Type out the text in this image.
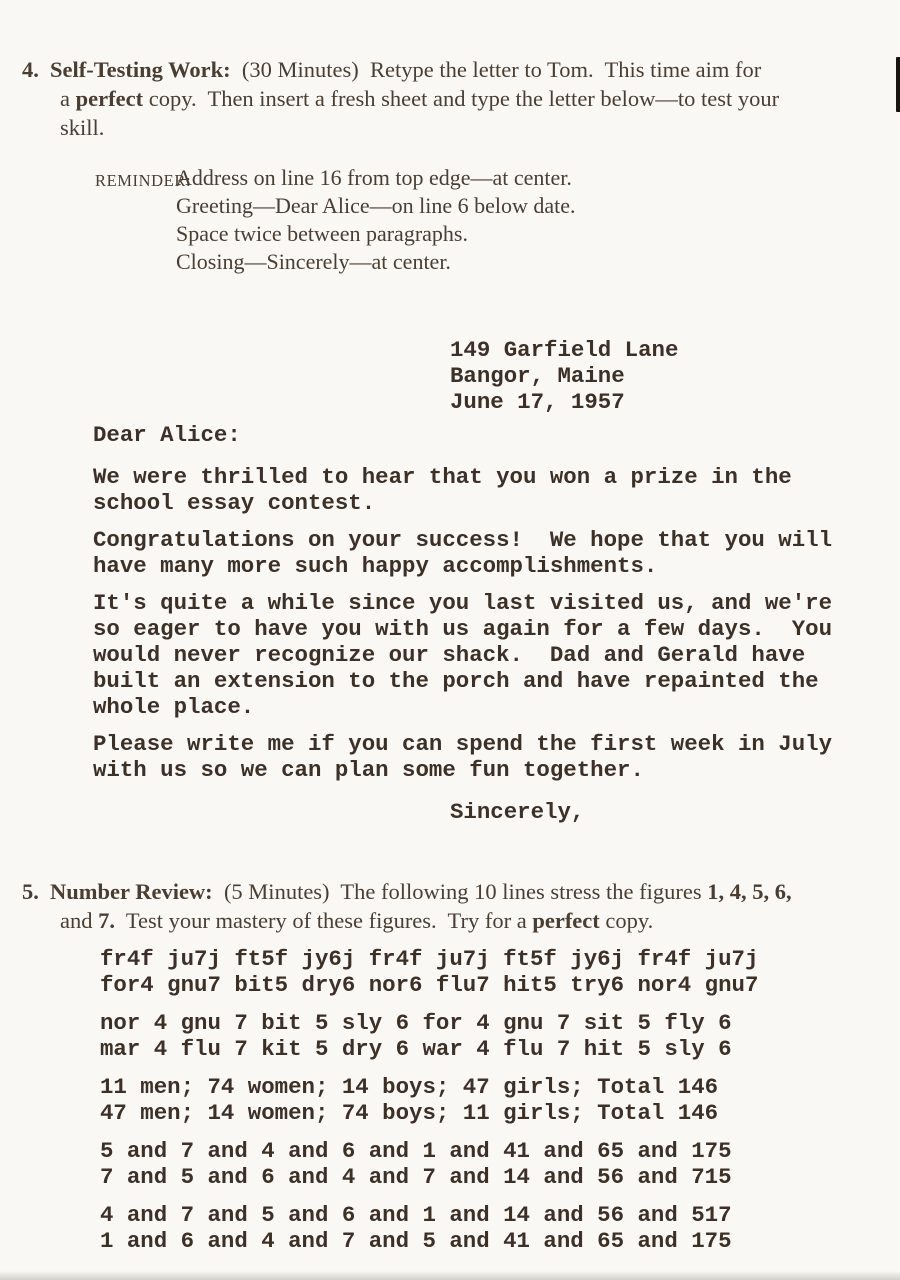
4. Self-Testing Work:  (30 Minutes)  Retype the letter to Tom.  This time aim for
a perfect copy.  Then insert a fresh sheet and type the letter below—to test your
skill.
REMINDER:
Address on line 16 from top edge—at center.
Greeting—Dear Alice—on line 6 below date.
Space twice between paragraphs.
Closing—Sincerely—at center.
149 Garfield Lane
Bangor, Maine
June 17, 1957
Dear Alice:
We were thrilled to hear that you won a prize in the
school essay contest.
Congratulations on your success!  We hope that you will
have many more such happy accomplishments.
It's quite a while since you last visited us, and we're
so eager to have you with us again for a few days.  You
would never recognize our shack.  Dad and Gerald have
built an extension to the porch and have repainted the
whole place.
Please write me if you can spend the first week in July
with us so we can plan some fun together.
Sincerely,
5. Number Review:  (5 Minutes)  The following 10 lines stress the figures 1, 4, 5, 6,
and 7.  Test your mastery of these figures.  Try for a perfect copy.
fr4f ju7j ft5f jy6j fr4f ju7j ft5f jy6j fr4f ju7j
for4 gnu7 bit5 dry6 nor6 flu7 hit5 try6 nor4 gnu7
nor 4 gnu 7 bit 5 sly 6 for 4 gnu 7 sit 5 fly 6
mar 4 flu 7 kit 5 dry 6 war 4 flu 7 hit 5 sly 6
11 men; 74 women; 14 boys; 47 girls; Total 146
47 men; 14 women; 74 boys; 11 girls; Total 146
5 and 7 and 4 and 6 and 1 and 41 and 65 and 175
7 and 5 and 6 and 4 and 7 and 14 and 56 and 715
4 and 7 and 5 and 6 and 1 and 14 and 56 and 517
1 and 6 and 4 and 7 and 5 and 41 and 65 and 175
